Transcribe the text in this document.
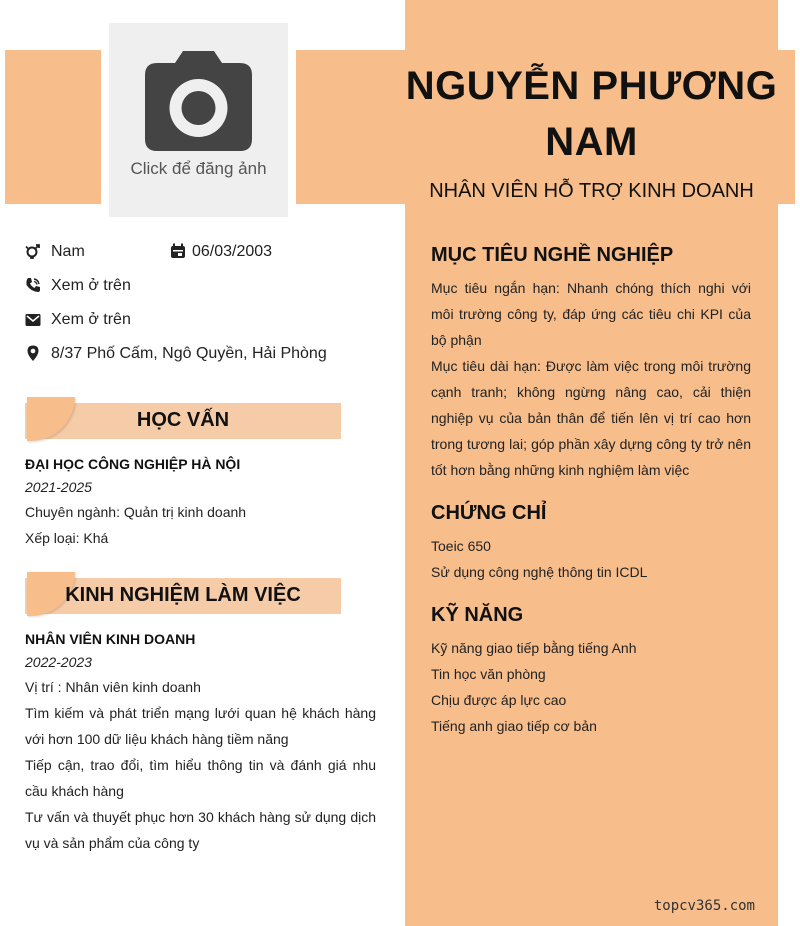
Click để đăng ảnh
NGUYỄN PHƯƠNG
NAM
NHÂN VIÊN HỖ TRỢ KINH DOANH
Nam	06/03/2003
Xem ở trên
Xem ở trên
8/37 Phố Cấm, Ngô Quyền, Hải Phòng
HỌC VẤN
ĐẠI HỌC CÔNG NGHIỆP HÀ NỘI
2021-2025
Chuyên ngành: Quản trị kinh doanh
Xếp loại: Khá
KINH NGHIỆM LÀM VIỆC
NHÂN VIÊN KINH DOANH
2022-2023
Vị trí : Nhân viên kinh doanh
Tìm kiếm và phát triển mạng lưới quan hệ khách hàng với hơn 100 dữ liệu khách hàng tiềm năng
Tiếp cận, trao đổi, tìm hiểu thông tin và đánh giá nhu cầu khách hàng
Tư vấn và thuyết phục hơn 30 khách hàng sử dụng dịch vụ và sản phẩm của công ty
MỤC TIÊU NGHỀ NGHIỆP
Mục tiêu ngắn hạn: Nhanh chóng thích nghi với môi trường công ty, đáp ứng các tiêu chi KPI của bộ phận
Mục tiêu dài hạn: Được làm việc trong môi trường cạnh tranh; không ngừng nâng cao, cải thiện nghiệp vụ của bản thân để tiến lên vị trí cao hơn trong tương lai; góp phần xây dựng công ty trở nên tốt hơn bằng những kinh nghiệm làm việc
CHỨNG CHỈ
Toeic 650
Sử dụng công nghệ thông tin ICDL
KỸ NĂNG
Kỹ năng giao tiếp bằng tiếng Anh
Tin học văn phòng
Chịu được áp lực cao
Tiếng anh giao tiếp cơ bản
topcv365.com
